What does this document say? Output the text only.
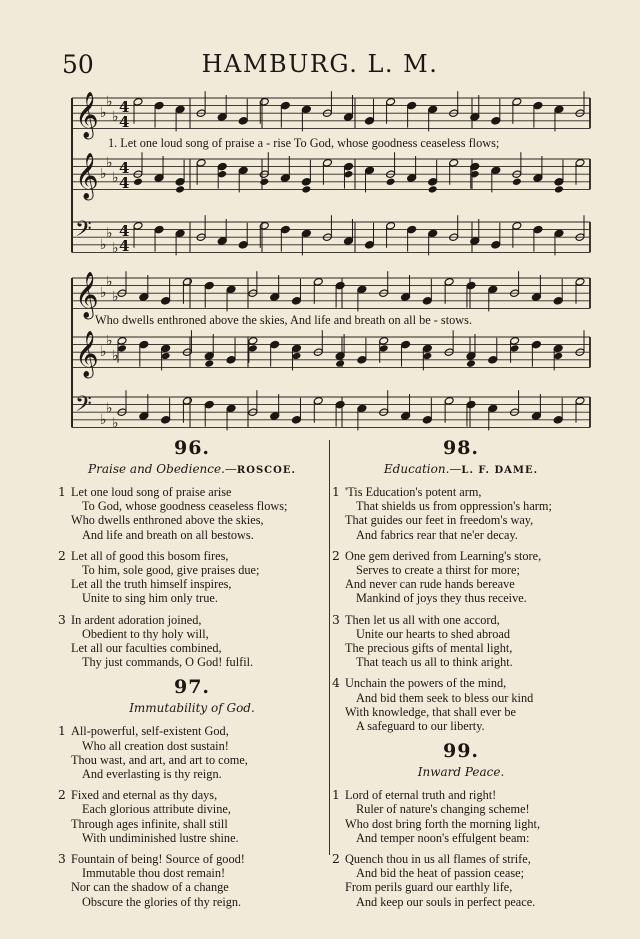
50	HAMBURG. L. M.
𝄞 ♭
♭
♭
4
4
𝄞 ♭
♭
♭
4
4
𝄢 ♭
♭
♭
4
4
𝄞 ♭
♭
♭
𝄞 ♭
♭
♭
𝄢 ♭
♭
♭
1. Let one loud song of praise a - rise To God, whose goodness ceaseless flows;
Who dwells enthroned above the skies, And life and breath on all be - stows.
96.
Praise and Obedience.—ROSCOE.
1 Let one loud song of praise arise
To God, whose goodness ceaseless flows;
Who dwells enthroned above the skies,
And life and breath on all bestows.
2 Let all of good this bosom fires,
To him, sole good, give praises due;
Let all the truth himself inspires,
Unite to sing him only true.
3 In ardent adoration joined,
Obedient to thy holy will,
Let all our faculties combined,
Thy just commands, O God! fulfil.
97.
Immutability of God.
1 All-powerful, self-existent God,
Who all creation dost sustain!
Thou wast, and art, and art to come,
And everlasting is thy reign.
2 Fixed and eternal as thy days,
Each glorious attribute divine,
Through ages infinite, shall still
With undiminished lustre shine.
3 Fountain of being! Source of good!
Immutable thou dost remain!
Nor can the shadow of a change
Obscure the glories of thy reign.
98.
Education.—L. F. DAME.
1 'Tis Education's potent arm,
That shields us from oppression's harm;
That guides our feet in freedom's way,
And fabrics rear that ne'er decay.
2 One gem derived from Learning's store,
Serves to create a thirst for more;
And never can rude hands bereave
Mankind of joys they thus receive.
3 Then let us all with one accord,
Unite our hearts to shed abroad
The precious gifts of mental light,
That teach us all to think aright.
4 Unchain the powers of the mind,
And bid them seek to bless our kind
With knowledge, that shall ever be
A safeguard to our liberty.
99.
Inward Peace.
1 Lord of eternal truth and right!
Ruler of nature's changing scheme!
Who dost bring forth the morning light,
And temper noon's effulgent beam:
2 Quench thou in us all flames of strife,
And bid the heat of passion cease;
From perils guard our earthly life,
And keep our souls in perfect peace.
